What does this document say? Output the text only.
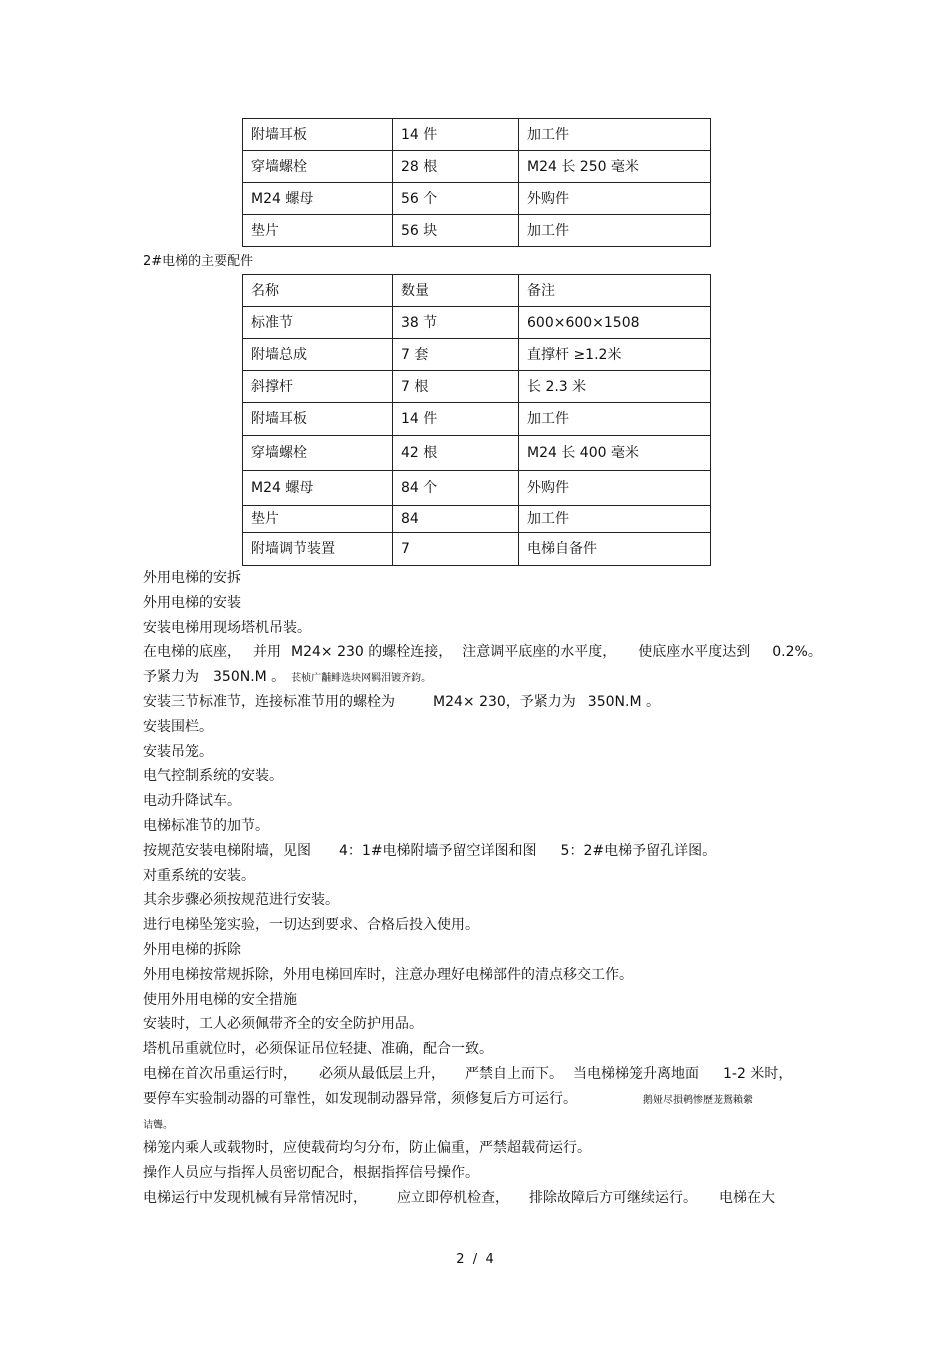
附墙耳板	14 件	加工件
穿墙螺栓	28 根	M24 长 250 毫米
M24 螺母	56 个	外购件
垫片	56 块	加工件
2#电梯的主要配件
名称	数量	备注
标准节	38 节	600×600×1508
附墙总成	7 套	直撑杆 ≥1.2米
斜撑杆	7 根	长 2.3 米
附墙耳板	14 件	加工件
穿墙螺栓	42 根	M24 长 400 毫米
M24 螺母	84 个	外购件
垫片	84	加工件
附墙调节装置	7	电梯自备件
外用电梯的安拆
外用电梯的安装
安装电梯用现场塔机吊装。
在电梯的底座， 并用 M24× 230 的螺栓连接， 注意调平底座的水平度， 使底座水平度达到 0.2%。
予紧力为 350N.M 。 苌桢广黼鲱选块网羁泪镀齐鈞。
安装三节标准节，连接标准节用的螺栓为	M24× 230，予紧力为 350N.M 。
安装围栏。
安装吊笼。
电气控制系统的安装。
电动升降试车。
电梯标准节的加节。
按规范安装电梯附墙，见图 4：1#电梯附墙予留空详图和图 5：2#电梯予留孔详图。
对重系统的安装。
其余步骤必须按规范进行安装。
进行电梯坠笼实验，一切达到要求、合格后投入使用。
外用电梯的拆除
外用电梯按常规拆除，外用电梯回库时，注意办理好电梯部件的清点移交工作。
使用外用电梯的安全措施
安装时，工人必须佩带齐全的安全防护用品。
塔机吊重就位时，必须保证吊位轻捷、准确，配合一致。
电梯在首次吊重运行时， 必须从最低层上升， 严禁自上而下。 当电梯梯笼升离地面 1-2 米时，
要停车实验制动器的可靠性，如发现制动器异常，须修复后方可运行。	鹅娅尽損鹌惨歷茏鴛賴縈
诘聾。
梯笼内乘人或载物时，应使载荷均匀分布，防止偏重，严禁超载荷运行。
操作人员应与指挥人员密切配合，根据指挥信号操作。
电梯运行中发现机械有异常情况时， 应立即停机检查， 排除故障后方可继续运行。 电梯在大
2  /  4
